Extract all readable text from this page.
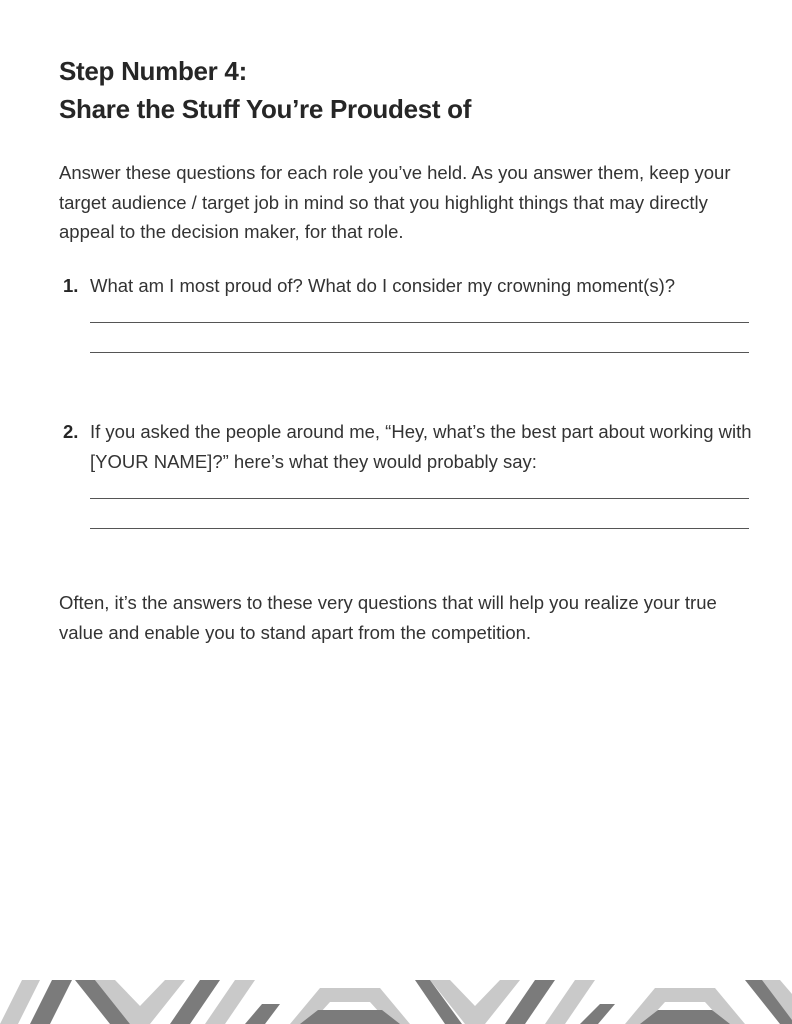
Step Number 4:
Share the Stuff You’re Proudest of
Answer these questions for each role you’ve held. As you answer them, keep your target audience / target job in mind so that you highlight things that may directly appeal to the decision maker, for that role.
1. What am I most proud of? What do I consider my crowning moment(s)?
2. If you asked the people around me, “Hey, what’s the best part about working with [YOUR NAME]?” here’s what they would probably say:
Often, it’s the answers to these very questions that will help you realize your true value and enable you to stand apart from the competition.
